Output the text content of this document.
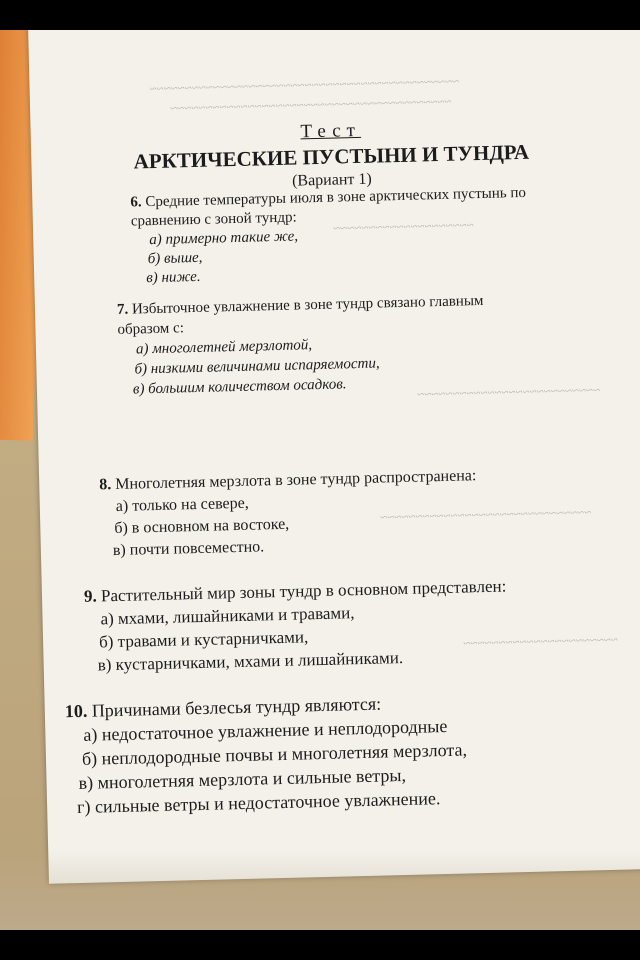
~~~~~~~~~~~~~~~~~~~~~~~~~~~~~~~~~~~~~~~~~~~~
~~~~~~~~~~~~~~~~~~~~~~~~~~~~~~~~~~~~~~~~
~~~~~~~~~~~~~~~~~~~~
~~~~~~~~~~~~~~~~~~~~~~~~~~
~~~~~~~~~~~~~~~~~~~~~~~~~~~~~~
~~~~~~~~~~~~~~~~~~~~~~
Тест
АРКТИЧЕСКИЕ ПУСТЫНИ И ТУНДРА
(Вариант 1)
6. Средние температуры июля в зоне арктических пустынь по
сравнению с зоной тундр:
а) примерно такие же,
б) выше,
в) ниже.
7. Избыточное увлажнение в зоне тундр связано главным
образом с:
а) многолетней мерзлотой,
б) низкими величинами испаряемости,
в) большим количеством осадков.
8. Многолетняя мерзлота в зоне тундр распространена:
а) только на севере,
б) в основном на востоке,
в) почти повсеместно.
9. Растительный мир зоны тундр в основном представлен:
а) мхами, лишайниками и травами,
б) травами и кустарничками,
в) кустарничками, мхами и лишайниками.
10. Причинами безлесья тундр являются:
а) недостаточное увлажнение и неплодородные
б) неплодородные почвы и многолетняя мерзлота,
в) многолетняя мерзлота и сильные ветры,
г) сильные ветры и недостаточное увлажнение.
